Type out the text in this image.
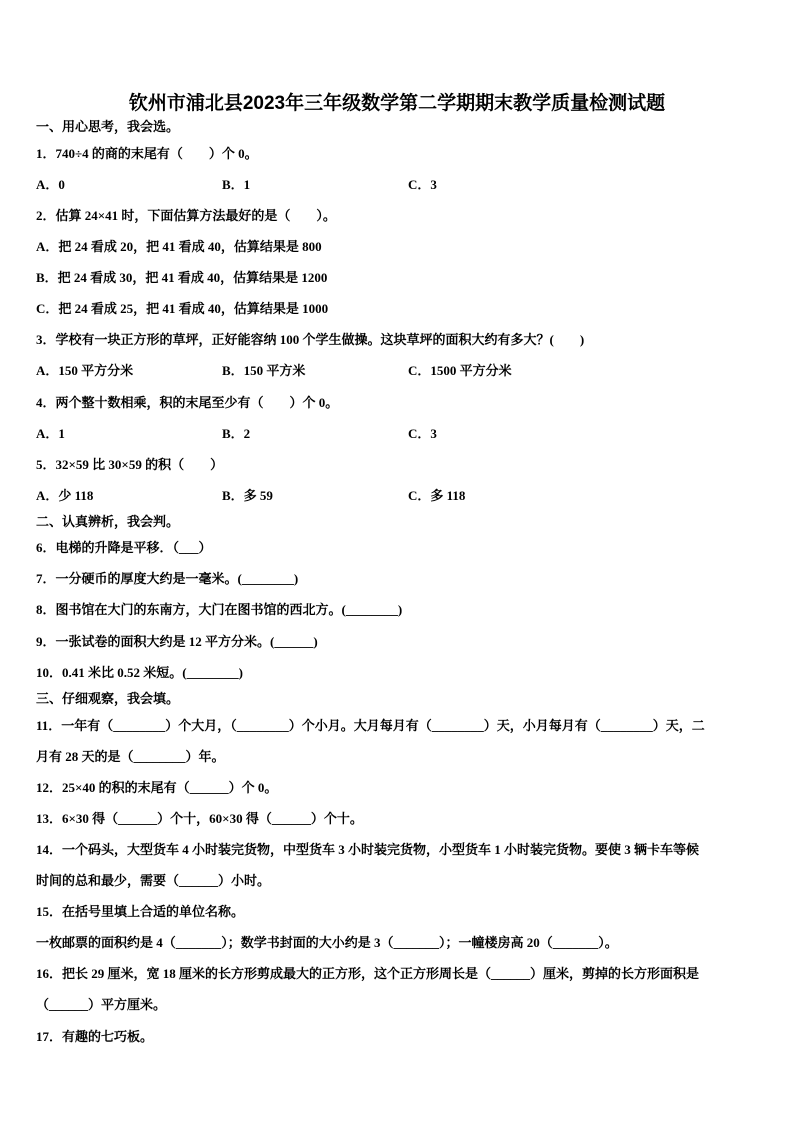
钦州市浦北县2023年三年级数学第二学期期末教学质量检测试题
一、用心思考，我会选。
1．740÷4 的商的末尾有（　　）个 0。
A．0	B．1	C．3
2．估算 24×41 时，下面估算方法最好的是（　　）。
A．把 24 看成 20，把 41 看成 40，估算结果是 800
B．把 24 看成 30，把 41 看成 40，估算结果是 1200
C．把 24 看成 25，把 41 看成 40，估算结果是 1000
3．学校有一块正方形的草坪，正好能容纳 100 个学生做操。这块草坪的面积大约有多大？(　　)
A．150 平方分米	B．150 平方米	C．1500 平方分米
4．两个整十数相乘，积的末尾至少有（　　）个 0。
A．1	B．2	C．3
5．32×59 比 30×59 的积（　　）
A．少 118	B．多 59	C．多 118
二、认真辨析，我会判。
6．电梯的升降是平移．（___）
7．一分硬币的厚度大约是一毫米。(________)
8．图书馆在大门的东南方，大门在图书馆的西北方。(________)
9．一张试卷的面积大约是 12 平方分米。(______)
10．0.41 米比 0.52 米短。(________)
三、仔细观察，我会填。
11．一年有（________）个大月，（________）个小月。大月每月有（________）天，小月每月有（________）天，二
月有 28 天的是（________）年。
12．25×40 的积的末尾有（______）个 0。
13．6×30 得（______）个十，60×30 得（______）个十。
14．一个码头，大型货车 4 小时装完货物，中型货车 3 小时装完货物，小型货车 1 小时装完货物。要使 3 辆卡车等候
时间的总和最少，需要（______）小时。
15．在括号里填上合适的单位名称。
一枚邮票的面积约是 4（_______）；数学书封面的大小约是 3（_______）；一幢楼房高 20（_______）。
16．把长 29 厘米，宽 18 厘米的长方形剪成最大的正方形，这个正方形周长是（______）厘米，剪掉的长方形面积是
（______）平方厘米。
17．有趣的七巧板。
